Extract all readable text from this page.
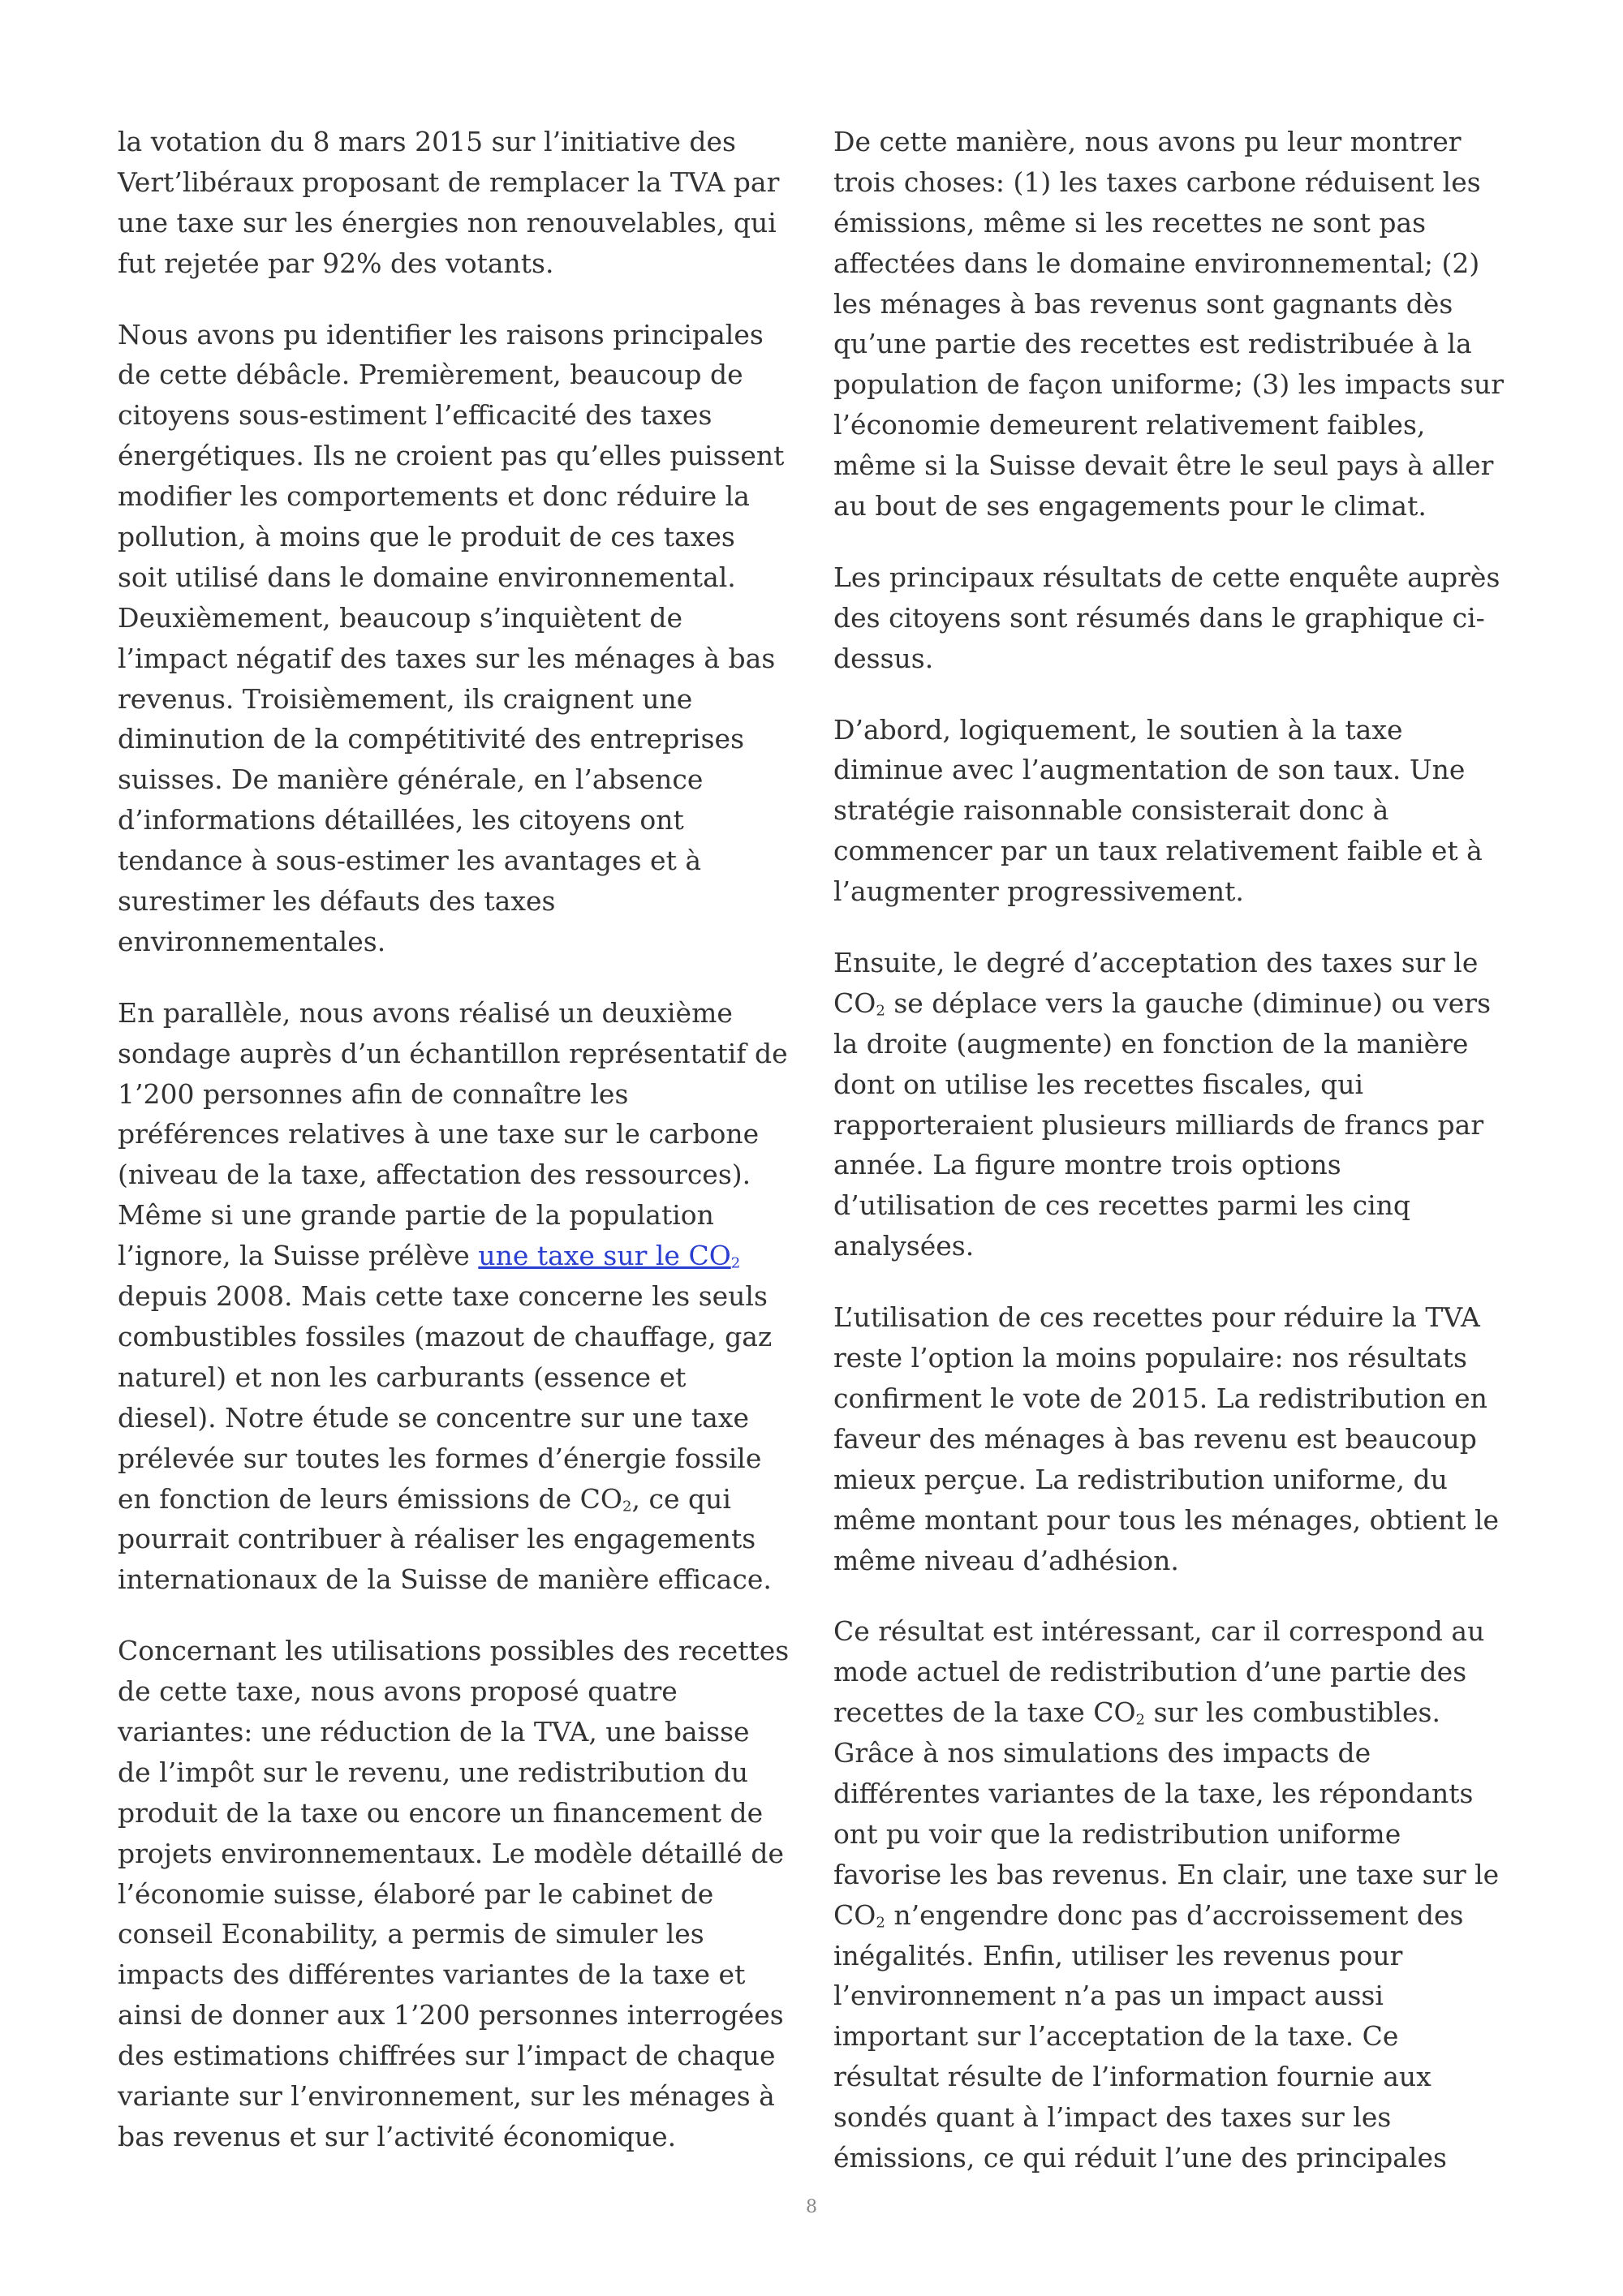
la votation du 8 mars 2015 sur l’initiative des
Vert’libéraux proposant de remplacer la TVA par
une taxe sur les énergies non renouvelables, qui
fut rejetée par 92% des votants.
Nous avons pu identifier les raisons principales
de cette débâcle. Premièrement, beaucoup de
citoyens sous-estiment l’efficacité des taxes
énergétiques. Ils ne croient pas qu’elles puissent
modifier les comportements et donc réduire la
pollution, à moins que le produit de ces taxes
soit utilisé dans le domaine environnemental.
Deuxièmement, beaucoup s’inquiètent de
l’impact négatif des taxes sur les ménages à bas
revenus. Troisièmement, ils craignent une
diminution de la compétitivité des entreprises
suisses. De manière générale, en l’absence
d’informations détaillées, les citoyens ont
tendance à sous-estimer les avantages et à
surestimer les défauts des taxes
environnementales.
En parallèle, nous avons réalisé un deuxième
sondage auprès d’un échantillon représentatif de
1’200 personnes afin de connaître les
préférences relatives à une taxe sur le carbone
(niveau de la taxe, affectation des ressources).
Même si une grande partie de la population
l’ignore, la Suisse prélève une taxe sur le $CO_2$
depuis 2008. Mais cette taxe concerne les seuls
combustibles fossiles (mazout de chauffage, gaz
naturel) et non les carburants (essence et
diesel). Notre étude se concentre sur une taxe
prélevée sur toutes les formes d’énergie fossile
en fonction de leurs émissions de $CO_2$, ce qui
pourrait contribuer à réaliser les engagements
internationaux de la Suisse de manière efficace.
Concernant les utilisations possibles des recettes
de cette taxe, nous avons proposé quatre
variantes: une réduction de la TVA, une baisse
de l’impôt sur le revenu, une redistribution du
produit de la taxe ou encore un financement de
projets environnementaux. Le modèle détaillé de
l’économie suisse, élaboré par le cabinet de
conseil Econability, a permis de simuler les
impacts des différentes variantes de la taxe et
ainsi de donner aux 1’200 personnes interrogées
des estimations chiffrées sur l’impact de chaque
variante sur l’environnement, sur les ménages à
bas revenus et sur l’activité économique.
De cette manière, nous avons pu leur montrer
trois choses: (1) les taxes carbone réduisent les
émissions, même si les recettes ne sont pas
affectées dans le domaine environnemental; (2)
les ménages à bas revenus sont gagnants dès
qu’une partie des recettes est redistribuée à la
population de façon uniforme; (3) les impacts sur
l’économie demeurent relativement faibles,
même si la Suisse devait être le seul pays à aller
au bout de ses engagements pour le climat.
Les principaux résultats de cette enquête auprès
des citoyens sont résumés dans le graphique ci-
dessus.
D’abord, logiquement, le soutien à la taxe
diminue avec l’augmentation de son taux. Une
stratégie raisonnable consisterait donc à
commencer par un taux relativement faible et à
l’augmenter progressivement.
Ensuite, le degré d’acceptation des taxes sur le
$CO_2$ se déplace vers la gauche (diminue) ou vers
la droite (augmente) en fonction de la manière
dont on utilise les recettes fiscales, qui
rapporteraient plusieurs milliards de francs par
année. La figure montre trois options
d’utilisation de ces recettes parmi les cinq
analysées.
L’utilisation de ces recettes pour réduire la TVA
reste l’option la moins populaire: nos résultats
confirment le vote de 2015. La redistribution en
faveur des ménages à bas revenu est beaucoup
mieux perçue. La redistribution uniforme, du
même montant pour tous les ménages, obtient le
même niveau d’adhésion.
Ce résultat est intéressant, car il correspond au
mode actuel de redistribution d’une partie des
recettes de la taxe $CO_2$ sur les combustibles.
Grâce à nos simulations des impacts de
différentes variantes de la taxe, les répondants
ont pu voir que la redistribution uniforme
favorise les bas revenus. En clair, une taxe sur le
$CO_2$ n’engendre donc pas d’accroissement des
inégalités. Enfin, utiliser les revenus pour
l’environnement n’a pas un impact aussi
important sur l’acceptation de la taxe. Ce
résultat résulte de l’information fournie aux
sondés quant à l’impact des taxes sur les
émissions, ce qui réduit l’une des principales
8
